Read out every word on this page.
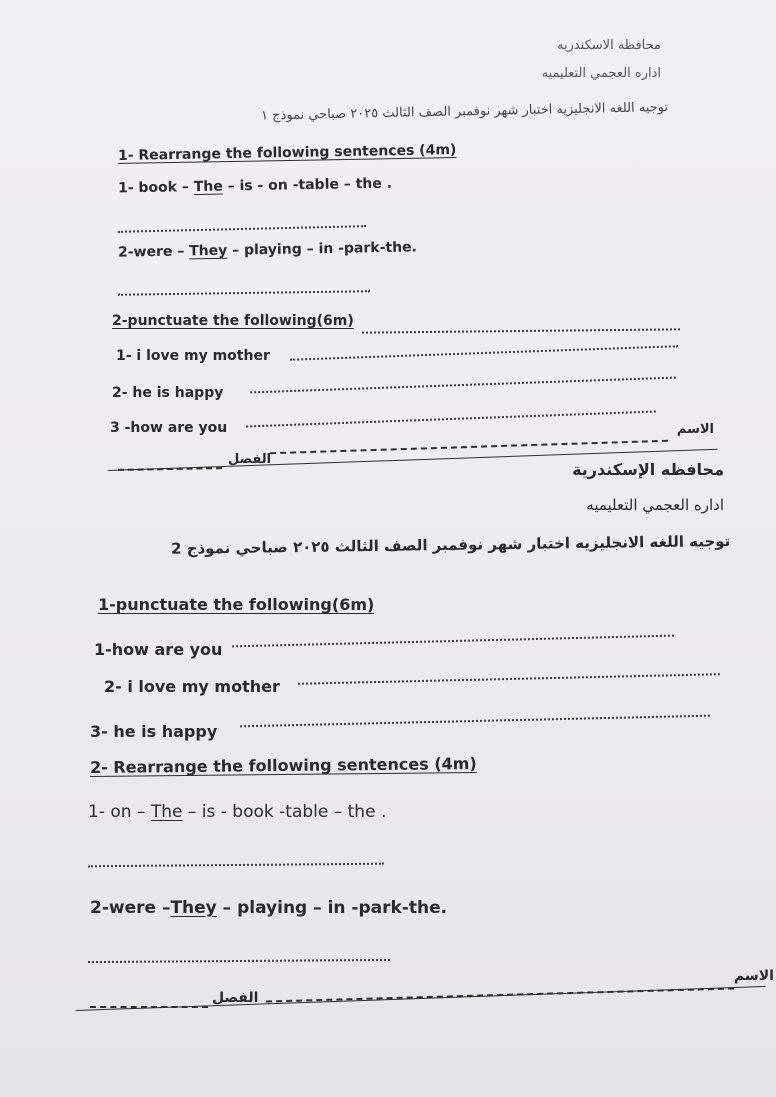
محافظه الاسكندريه
اداره العجمي التعليميه
توجيه اللغه الانجليزيه اختبار شهر نوفمبر الصف الثالث ٢٠٢٥ صباحي نموذج ١
1- Rearrange the following sentences (4m)
1- book – The – is - on -table – the .
2-were – They – playing – in -park-the.
2-punctuate the following(6m)
1- i love my mother
2- he is happy
3 -how are you	الاسم
الفصل
محافظه الإسكندرية
اداره العجمي التعليميه
توجيه اللغه الانجليزيه اختبار شهر نوفمبر الصف الثالث ٢٠٢٥ صباحي نموذج 2
1-punctuate the following(6m)
1-how are you
2- i love my mother
3- he is happy
2- Rearrange the following sentences (4m)
1- on – The – is - book -table – the .
2-were –They – playing – in -park-the.
الاسم
الفصل
